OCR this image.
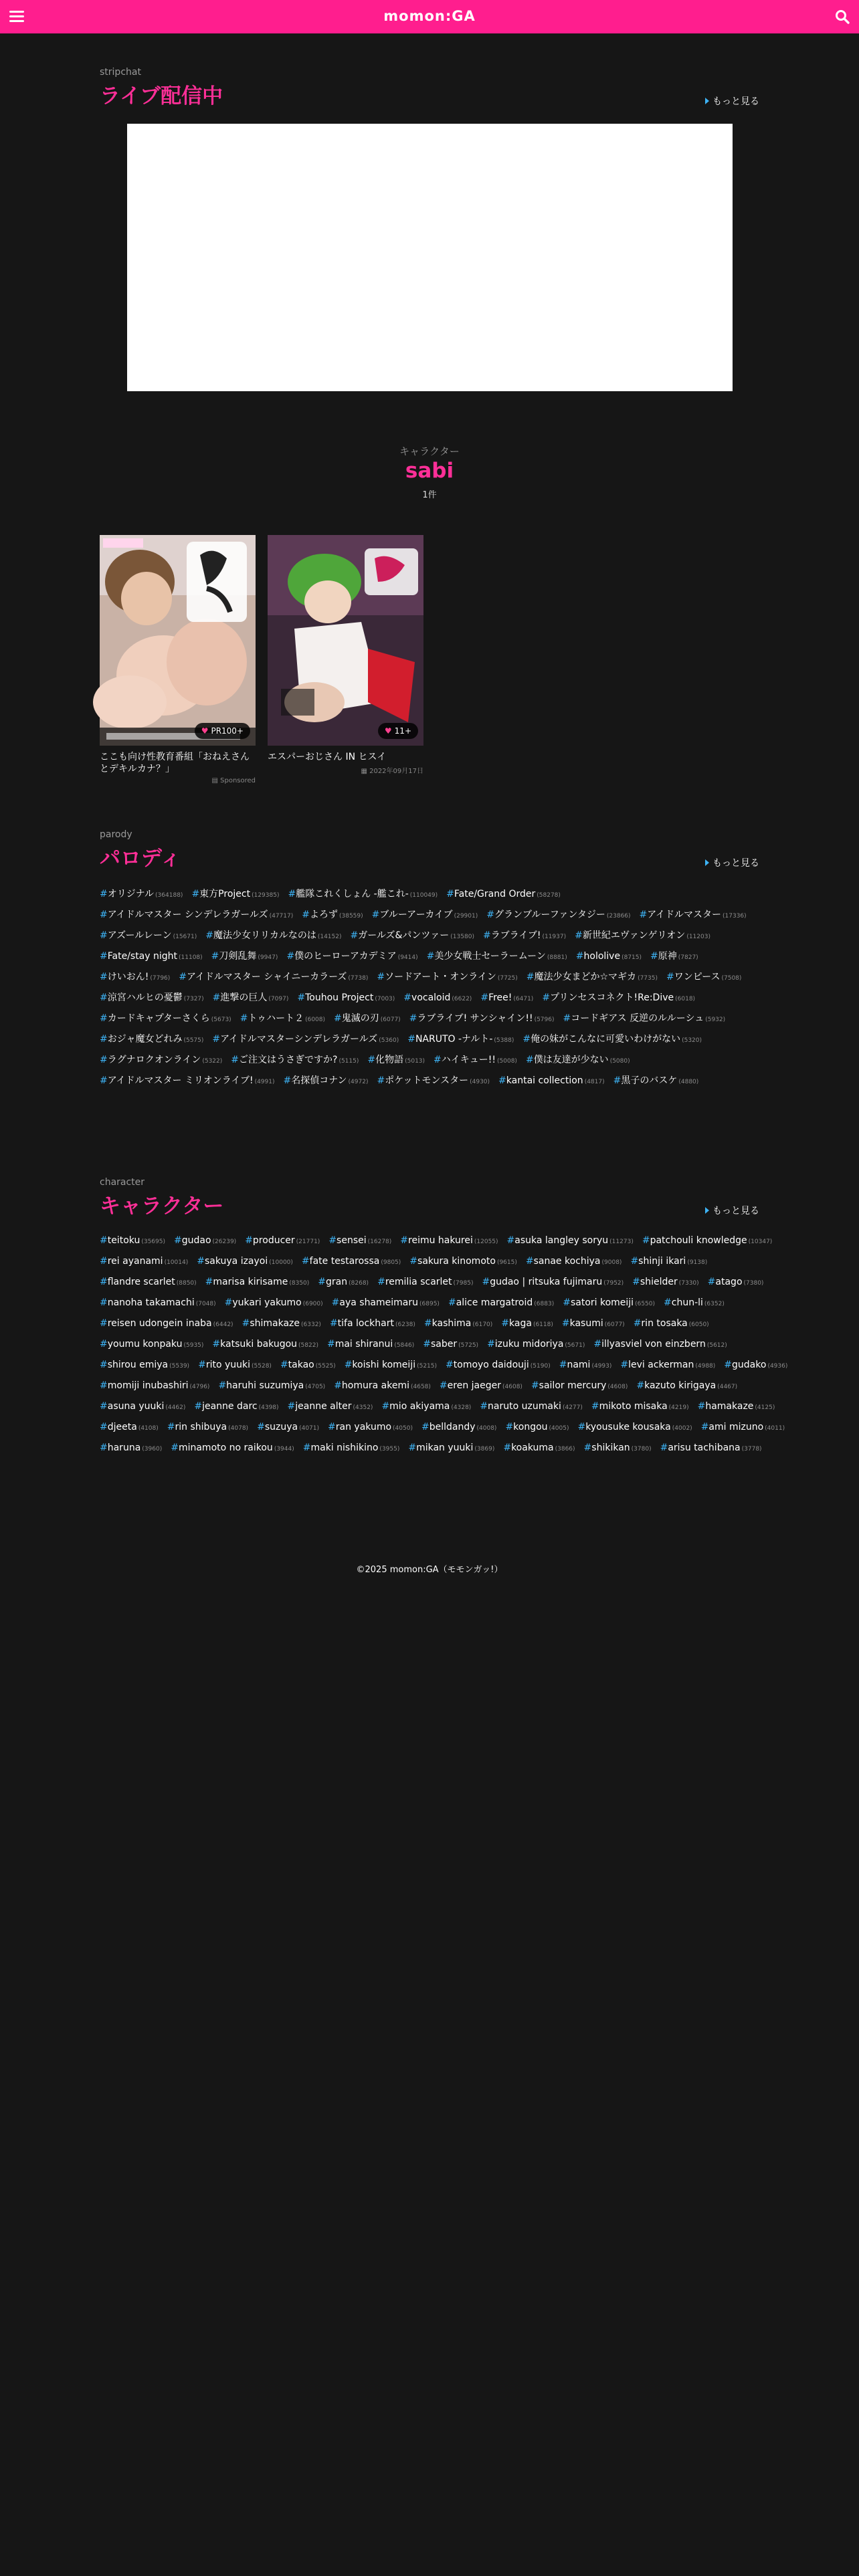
momon:GA
stripchat
ライブ配信中	もっと見る
キャラクター
sabi
1件
♥ PR100+
ここも向け性教育番組「おねえさんとデキルカナ？」
▤ Sponsored
♥ 11+
エスパーおじさん IN ヒスイ
▦ 2022年09月17日
parody
パロディ	もっと見る
#オリジナル (364188) #東方Project (129385) #艦隊これくしょん -艦これ- (110049) #Fate/Grand Order (58278)
#アイドルマスター シンデレラガールズ (47717) #よろず (38559) #ブルーアーカイブ (29901) #グランブルーファンタジー (23866) #アイドルマスター (17336)
#アズールレーン (15671) #魔法少女リリカルなのは (14152) #ガールズ&パンツァー (13580) #ラブライブ! (11937) #新世紀エヴァンゲリオン (11203)
#Fate/stay night (11108) #刀剣乱舞 (9947) #僕のヒーローアカデミア (9414) #美少女戦士セーラームーン (8881) #hololive (8715) #原神 (7827)
#けいおん! (7796) #アイドルマスター シャイニーカラーズ (7738) #ソードアート・オンライン (7725) #魔法少女まどか☆マギカ (7735) #ワンピース (7508)
#涼宮ハルヒの憂鬱 (7327) #進撃の巨人 (7097) #Touhou Project (7003) #vocaloid (6622) #Free! (6471) #プリンセスコネクト!Re:Dive (6018)
#カードキャプターさくら (5673) #トゥハート２ (6008) #鬼滅の刃 (6077) #ラブライブ! サンシャイン!! (5796) #コードギアス 反逆のルルーシュ (5932)
#おジャ魔女どれみ (5575) #アイドルマスターシンデレラガールズ (5360) #NARUTO -ナルト- (5388) #俺の妹がこんなに可愛いわけがない (5320)
#ラグナロクオンライン (5322) #ご注文はうさぎですか? (5115) #化物語 (5013) #ハイキュー!! (5008) #僕は友達が少ない (5080)
#アイドルマスター ミリオンライブ! (4991) #名探偵コナン (4972) #ポケットモンスター (4930) #kantai collection (4817) #黒子のバスケ (4880)
character
キャラクター	もっと見る
#teitoku (35695) #gudao (26239) #producer (21771) #sensei (16278) #reimu hakurei (12055) #asuka langley soryu (11273) #patchouli knowledge (10347)
#rei ayanami (10014) #sakuya izayoi (10000) #fate testarossa (9805) #sakura kinomoto (9615) #sanae kochiya (9008) #shinji ikari (9138)
#flandre scarlet (8850) #marisa kirisame (8350) #gran (8268) #remilia scarlet (7985) #gudao | ritsuka fujimaru (7952) #shielder (7330) #atago (7380)
#nanoha takamachi (7048) #yukari yakumo (6900) #aya shameimaru (6895) #alice margatroid (6883) #satori komeiji (6550) #chun-li (6352)
#reisen udongein inaba (6442) #shimakaze (6332) #tifa lockhart (6238) #kashima (6170) #kaga (6118) #kasumi (6077) #rin tosaka (6050)
#youmu konpaku (5935) #katsuki bakugou (5822) #mai shiranui (5846) #saber (5725) #izuku midoriya (5671) #illyasviel von einzbern (5612)
#shirou emiya (5539) #rito yuuki (5528) #takao (5525) #koishi komeiji (5215) #tomoyo daidouji (5190) #nami (4993) #levi ackerman (4988) #gudako (4936)
#momiji inubashiri (4796) #haruhi suzumiya (4705) #homura akemi (4658) #eren jaeger (4608) #sailor mercury (4608) #kazuto kirigaya (4467)
#asuna yuuki (4462) #jeanne darc (4398) #jeanne alter (4352) #mio akiyama (4328) #naruto uzumaki (4277) #mikoto misaka (4219) #hamakaze (4125)
#djeeta (4108) #rin shibuya (4078) #suzuya (4071) #ran yakumo (4050) #belldandy (4008) #kongou (4005) #kyousuke kousaka (4002) #ami mizuno (4011)
#haruna (3960) #minamoto no raikou (3944) #maki nishikino (3955) #mikan yuuki (3869) #koakuma (3866) #shikikan (3780) #arisu tachibana (3778)
©2025 momon:GA（モモンガッ!）
